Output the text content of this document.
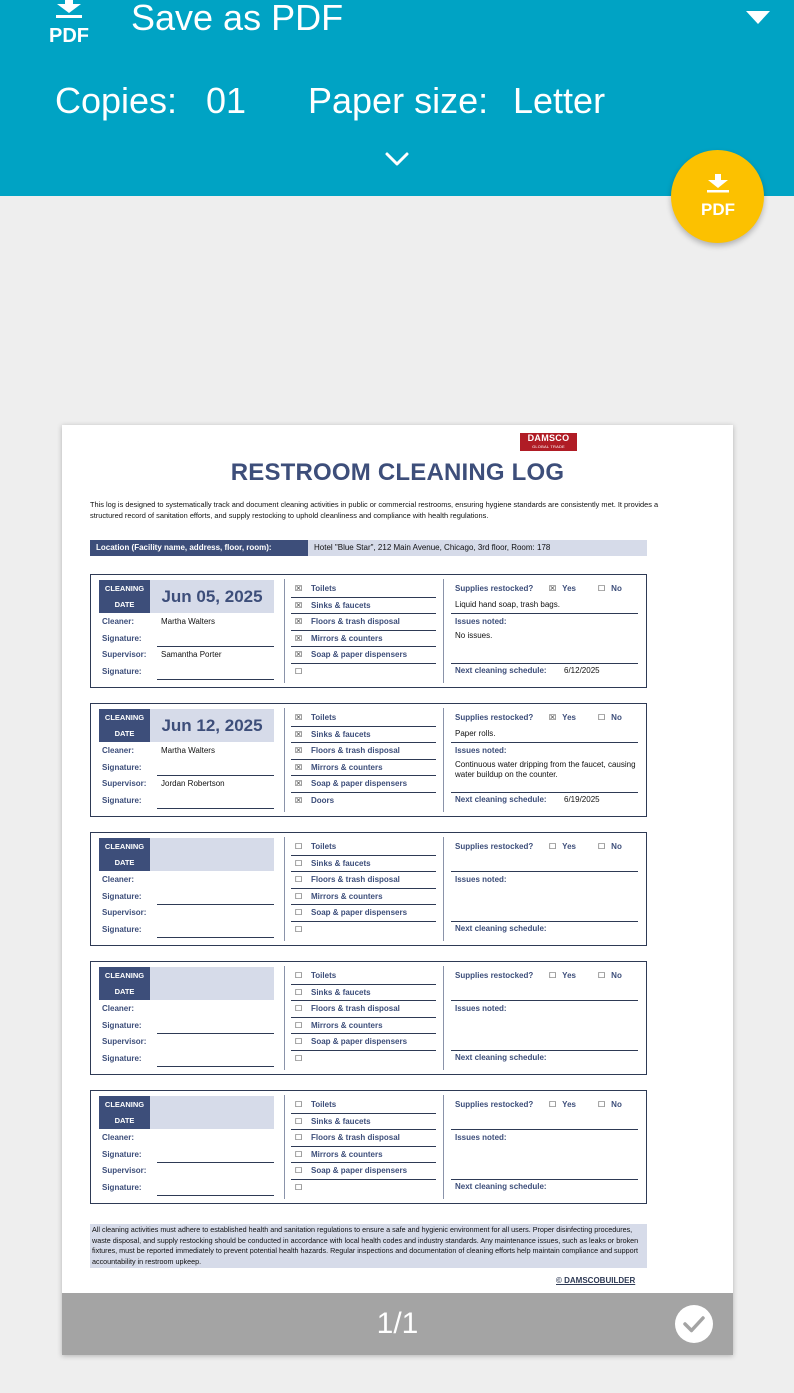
PDF Save as PDF
Copies: 01 Paper size: Letter
PDF
DAMSCO
GLOBAL TRADE
RESTROOM CLEANING LOG
This log is designed to systematically track and document cleaning activities in public or commercial restrooms, ensuring hygiene standards are consistently met. It provides a structured record of sanitation efforts, and supply restocking to uphold cleanliness and compliance with health regulations.
Location (Facility name, address, floor, room):	Hotel "Blue Star", 212 Main Avenue, Chicago, 3rd floor, Room: 178
CLEANING
DATE	Jun 05, 2025
Cleaner:	Martha Walters
Signature:
Supervisor: Samantha Porter
Signature:
☒ Toilets
☒ Sinks & faucets
☒ Floors & trash disposal
☒ Mirrors & counters
☒ Soap & paper dispensers
☐
Supplies restocked? ☒ Yes	☐ No
Liquid hand soap, trash bags.
Issues noted:
No issues.
Next cleaning schedule: 6/12/2025
CLEANING
DATE	Jun 12, 2025
Cleaner:	Martha Walters
Signature:
Supervisor: Jordan Robertson
Signature:
☒ Toilets
☒ Sinks & faucets
☒ Floors & trash disposal
☒ Mirrors & counters
☒ Soap & paper dispensers
☒ Doors
Supplies restocked? ☒ Yes	☐ No
Paper rolls.
Issues noted:
Continuous water dripping from the faucet, causing water buildup on the counter.
Next cleaning schedule: 6/19/2025
CLEANING
DATE
Cleaner:
Signature:
Supervisor:
Signature:
☐ Toilets
☐ Sinks & faucets
☐ Floors & trash disposal
☐ Mirrors & counters
☐ Soap & paper dispensers
☐
Supplies restocked? ☐ Yes	☐ No
Issues noted:
Next cleaning schedule:
CLEANING
DATE
Cleaner:
Signature:
Supervisor:
Signature:
☐ Toilets
☐ Sinks & faucets
☐ Floors & trash disposal
☐ Mirrors & counters
☐ Soap & paper dispensers
☐
Supplies restocked? ☐ Yes	☐ No
Issues noted:
Next cleaning schedule:
CLEANING
DATE
Cleaner:
Signature:
Supervisor:
Signature:
☐ Toilets
☐ Sinks & faucets
☐ Floors & trash disposal
☐ Mirrors & counters
☐ Soap & paper dispensers
☐
Supplies restocked? ☐ Yes	☐ No
Issues noted:
Next cleaning schedule:
All cleaning activities must adhere to established health and sanitation regulations to ensure a safe and hygienic environment for all users. Proper disinfecting procedures, waste disposal, and supply restocking should be conducted in accordance with local health codes and industry standards. Any maintenance issues, such as leaks or broken fixtures, must be reported immediately to prevent potential health hazards. Regular inspections and documentation of cleaning efforts help maintain compliance and support accountability in restroom upkeep.
© DAMSCOBUILDER
1/1
